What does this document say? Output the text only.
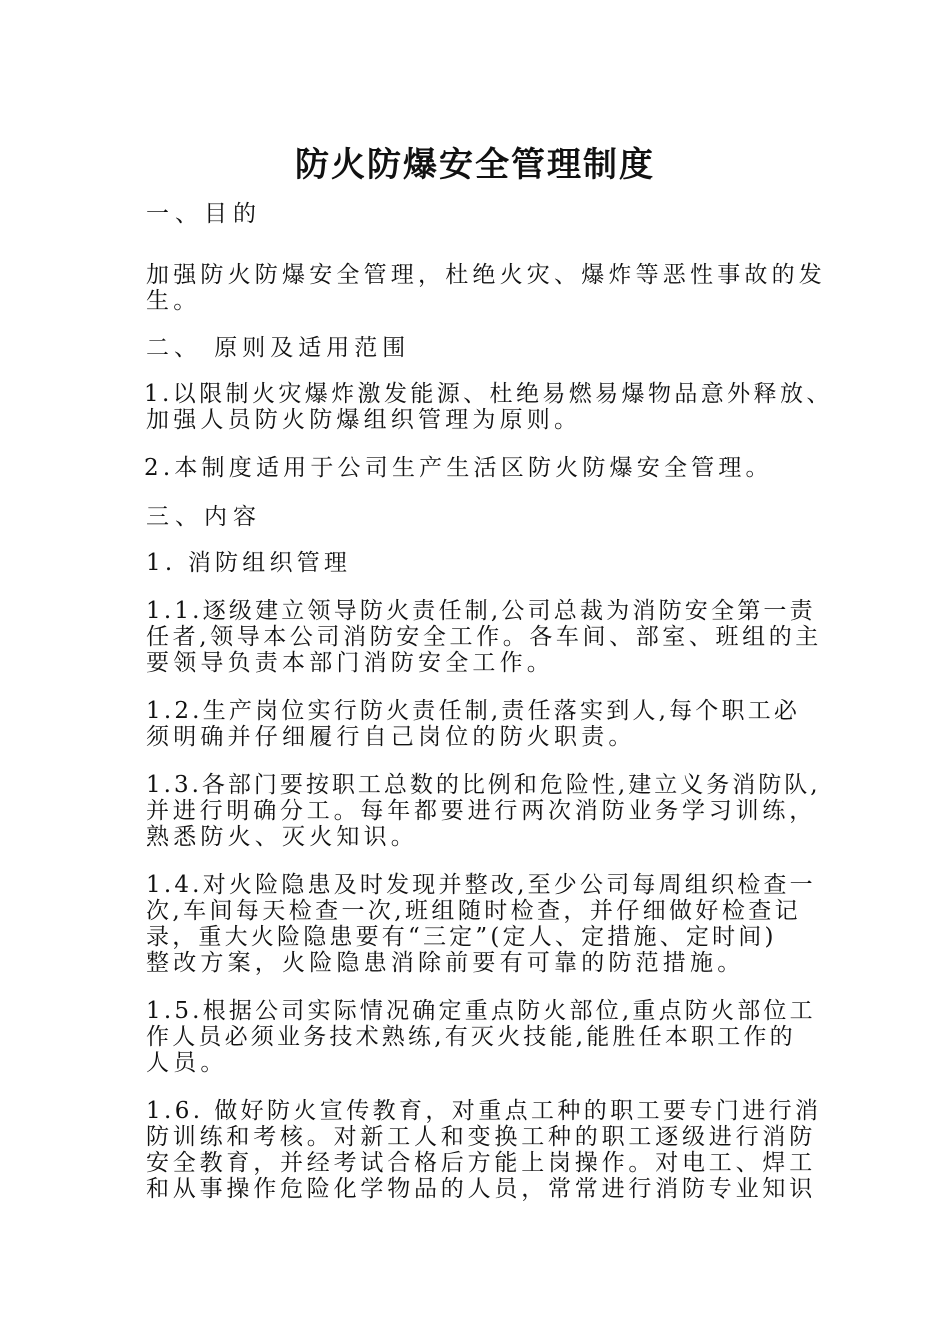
防火防爆安全管理制度

一、目的

加强防火防爆安全管理，杜绝火灾、爆炸等恶性事故的发

生。

二、 原则及适用范围

1.以限制火灾爆炸激发能源、杜绝易燃易爆物品意外释放、

加强人员防火防爆组织管理为原则。

2.本制度适用于公司生产生活区防火防爆安全管理。

三、内容

1. 消防组织管理

1.1.逐级建立领导防火责任制,公司总裁为消防安全第一责

任者,领导本公司消防安全工作。各车间、部室、班组的主

要领导负责本部门消防安全工作。

1.2.生产岗位实行防火责任制,责任落实到人,每个职工必

须明确并仔细履行自己岗位的防火职责。

1.3.各部门要按职工总数的比例和危险性,建立义务消防队,

并进行明确分工。每年都要进行两次消防业务学习训练，

熟悉防火、灭火知识。

1.4.对火险隐患及时发现并整改,至少公司每周组织检查一

次,车间每天检查一次,班组随时检查，并仔细做好检查记

录，重大火险隐患要有“三定”(定人、定措施、定时间)

整改方案，火险隐患消除前要有可靠的防范措施。

1.5.根据公司实际情况确定重点防火部位,重点防火部位工

作人员必须业务技术熟练,有灭火技能,能胜任本职工作的

人员。

1.6. 做好防火宣传教育，对重点工种的职工要专门进行消

防训练和考核。对新工人和变换工种的职工逐级进行消防

安全教育，并经考试合格后方能上岗操作。对电工、焊工

和从事操作危险化学物品的人员，常常进行消防专业知识
